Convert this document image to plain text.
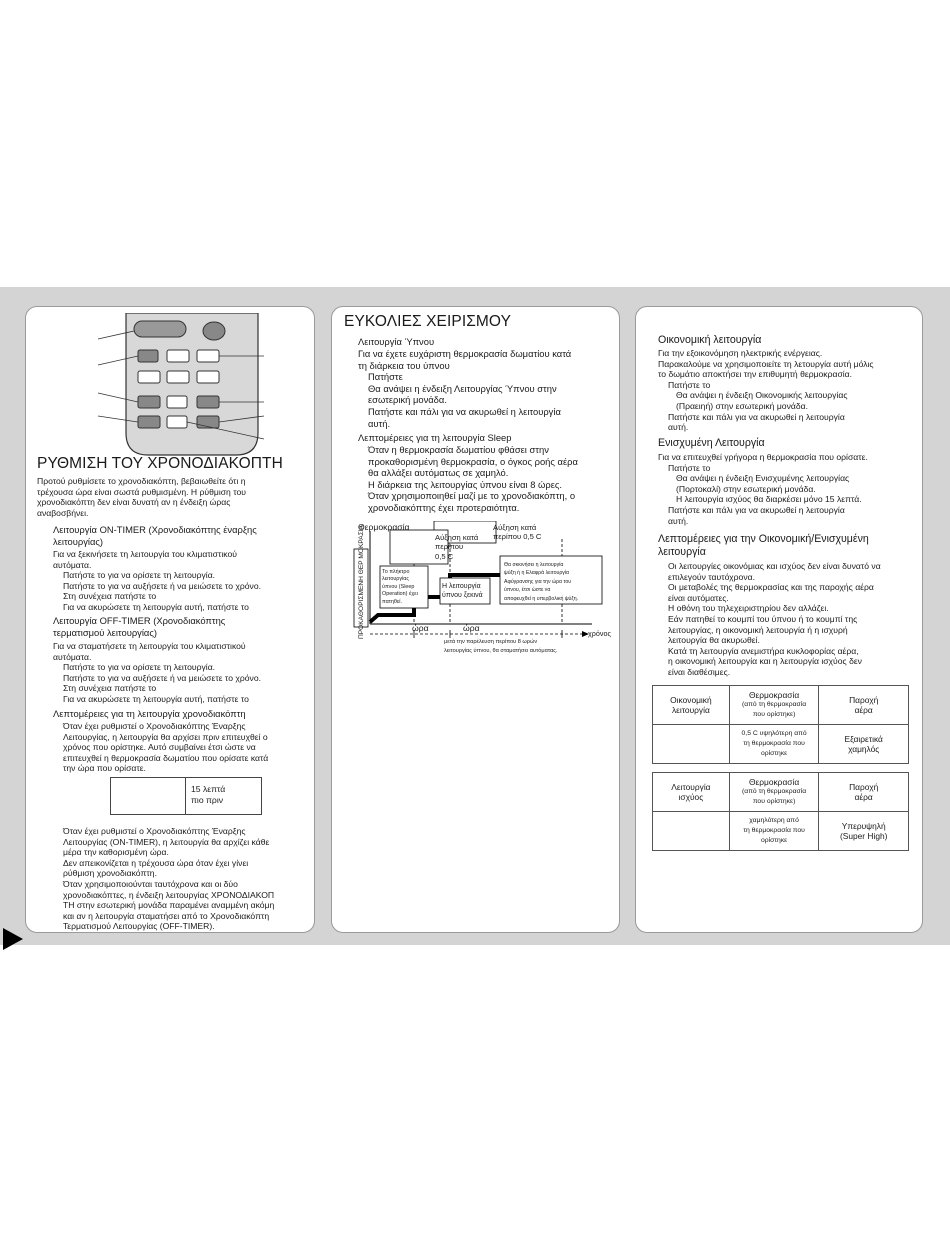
ΡΥΘΜΙΣΗ ΤΟΥ ΧΡΟΝΟΔΙΑΚΟΠΤΗ
Προτού ρυθμίσετε το χρονοδιακόπτη, βεβαιωθείτε ότι η
τρέχουσα ώρα είναι σωστά ρυθμισμένη. Η ρύθμιση του
χρονοδιακόπτη δεν είναι δυνατή αν η ένδειξη ώρας
αναβοσβήνει.
Λειτουργία ON-TIMER (Χρονοδιακόπτης έναρξης
λειτουργίας)
Για να ξεκινήσετε τη λειτουργία του κλιματιστικού
αυτόματα.
Πατήστε το για να ορίσετε τη λειτουργία.
Πατήστε το για να αυξήσετε ή να μειώσετε το χρόνο.
Στη συνέχεια πατήστε το
Για να ακυρώσετε τη λειτουργία αυτή, πατήστε το
Λειτουργία OFF-TIMER (Χρονοδιακόπτης
τερματισμού λειτουργίας)
Για να σταματήσετε τη λειτουργία του κλιματιστικού
αυτόματα.
Πατήστε το για να ορίσετε τη λειτουργία.
Πατήστε το για να αυξήσετε ή να μειώσετε το χρόνο.
Στη συνέχεια πατήστε το
Για να ακυρώσετε τη λειτουργία αυτή, πατήστε το
Λεπτομέρειες για τη λειτουργία χρονοδιακόπτη
Όταν έχει ρυθμιστεί ο Χρονοδιακόπτης Έναρξης
Λειτουργίας, η λειτουργία θα αρχίσει πριν επιτευχθεί ο
χρόνος που ορίστηκε. Αυτό συμβαίνει έτσι ώστε να
επιτευχθεί η θερμοκρασία δωματίου που ορίσατε κατά
την ώρα που ορίσατε.
15 λεπτά
πιο πριν
Όταν έχει ρυθμιστεί ο Χρονοδιακόπτης Έναρξης
Λειτουργίας (ON-TIMER), η λειτουργία θα αρχίζει κάθε
μέρα την καθορισμένη ώρα.
Δεν απεικονίζεται η τρέχουσα ώρα όταν έχει γίνει
ρύθμιση χρονοδιακόπτη.
Όταν χρησιμοποιούνται ταυτόχρονα και οι δύο
χρονοδιακόπτες, η ένδειξη λειτουργίας ΧΡΟΝΟΔΙΑΚΟΠ
ΤΗ στην εσωτερική μονάδα παραμένει αναμμένη ακόμη
και αν η λειτουργία σταματήσει από το Χρονοδιακόπτη
Τερματισμού Λειτουργίας (OFF-TIMER).
ΕΥΚΟΛΙΕΣ ΧΕΙΡΙΣΜΟΥ
Λειτουργία Ύπνου
Για να έχετε ευχάριστη θερμοκρασία δωματίου κατά
τη διάρκεια του ύπνου
Πατήστε
Θα ανάψει η ένδειξη Λειτουργίας Ύπνου στην
εσωτερική μονάδα.
Πατήστε και πάλι για να ακυρωθεί η λειτουργία
αυτή.
Λεπτομέρειες για τη λειτουργία Sleep
Όταν η θερμοκρασία δωματίου φθάσει στην
προκαθορισμένη θερμοκρασία, ο όγκος ροής αέρα
θα αλλάξει αυτόματως σε χαμηλό.
Η διάρκεια της λειτουργίας ύπνου είναι 8 ώρες.
Όταν χρησιμοποιηθεί μαζί με το χρονοδιακόπτη, ο
χρονοδιακόπτης έχει προτεραιότητα.
Θερμοκρασία
ΠΡΟΚΑΘΟΡΙΣΜΕΝΗ ΘΕΡ ΜΟΚΡΑΣΙΑ	Αύξηση κατά
περίπου 0,5 C
Αύξηση κατά
περίπου
0,5 C
Το πλήκτρο
λειτουργίας
ύπνου (Sleep
Operation) έχει
πατηθεί.
Η λειτουργία
ύπνου ξεκινά
Θα σκκινήσει η λειτουργία
ψύξη ή η Ελαφρά λειτουργία
Αφύγρανσης για την ώρα του
ύπνου, έτσι ώστε να
αποφευχθεί η υπερβολική ψύξη.
ώρα	ώρα
χρόνος
μετά την παρέλευση περίπου 8 ωρών
λειτουργίας ύπνου, θα σταματήσει αυτόματας.
Οικονομική λειτουργία
Για την εξοικονόμηση ηλεκτρικής ενέργειας.
Παρακαλούμε να χρησιμοποιείτε τη λετουργία αυτή μόλις
το δωμάτιο αποκτήσει την επιθυμητή θερμοκρασία.
Πατήστε το
Θα ανάψει η ένδειξη Οικονομικής λειτουργίας
(Πραειηή) στην εσωτερική μονάδα.
Πατήστε και πάλι για να ακυρωθεί η λειτουργία
αυτή.
Ενισχυμένη Λειτουργία
Για να επιτευχθεί γρήγορα η θερμοκρασία που ορίσατε.
Πατήστε το
Θα ανάψει η ένδειξη Ενισχυμένης λειτουργίας
(Πορτοκαλί) στην εσωτερική μονάδα.
Η λειτουργία ισχύος θα διαρκέσει μόνο 15 λεπτά.
Πατήστε και πάλι για να ακυρωθεί η λειτουργία
αυτή.
Λεπτομέρειες για την Οικονομική/Ενισχυμένη
λειτουργία
Οι λειτουργίες οικονόμιας και ισχύος δεν είναι δυνατό να
επιλεγούν ταυτόχρονα.
Οι μεταβολές της θερμοκρασίας και της παροχής αέρα
είναι αυτόματες.
Η οθόνη του τηλεχειριστηρίου δεν αλλάζει.
Εάν πατηθεί το κουμπί του ύπνου ή το κουμπί της
λειτουργίας, η οικονομική λειτουργία ή η ισχυρή
λειτουργία θα ακυρωθεί.
Κατά τη λειτουργία ανεμιστήρα κυκλοφορίας αέρα,
η οικονομική λειτουργία και η λειτουργία ισχύος δεν
είναι διαθέσιμες.
Οικονομική
λειτουργία	Θερμοκρασία
(από τη θερμοκρασία
που ορίστηκε)	Παροχή
αέρα

	0,5 C υψηλότερη από
τη θερμοκρασία που
ορίστηκε	Εξαιρετικά
χαμηλός
Λειτουργία
ισχύος	Θερμοκρασία
(από τη θερμοκρασία
που ορίστηκε)	Παροχή
αέρα

	χαμηλότερη από
τη θερμοκρασία που
ορίστηκε	Υπερυψηλή
(Super High)
